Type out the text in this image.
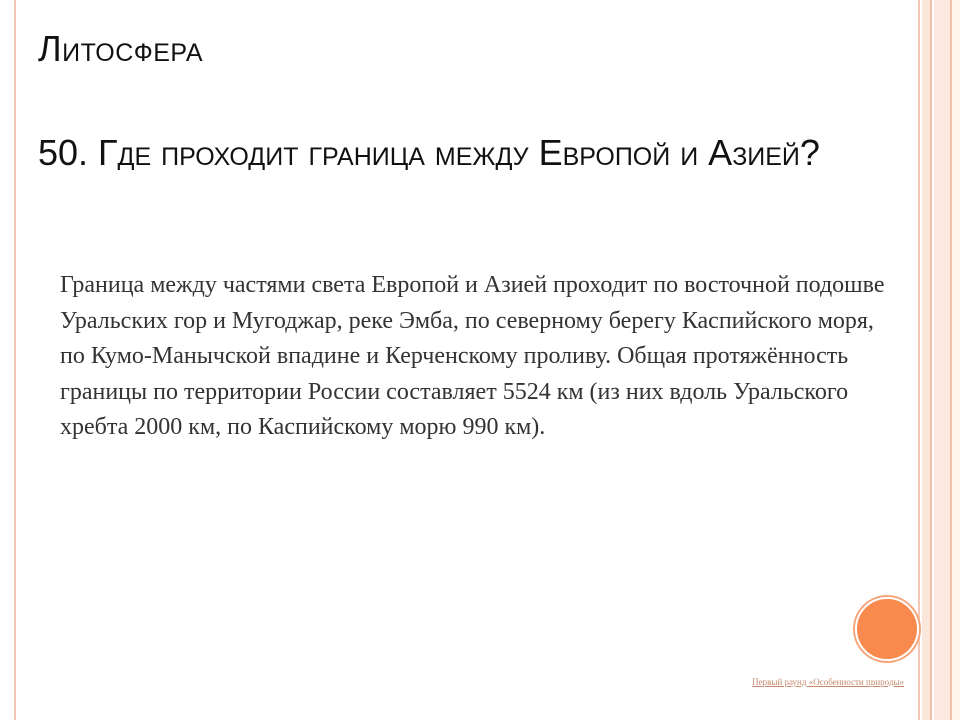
Литосфера
50. Где проходит граница между Европой и Азией?

Граница между частями света Европой и Азией проходит по восточной подошве Уральских гор и Мугоджар, реке Эмба, по северному берегу Каспийского моря, по Кумо-Манычской впадине и Керченскому проливу. Общая протяжённость границы по территории России составляет 5524 км (из них вдоль Уральского хребта 2000 км, по Каспийскому морю 990 км).

Первый раунд «Особенности природы»
